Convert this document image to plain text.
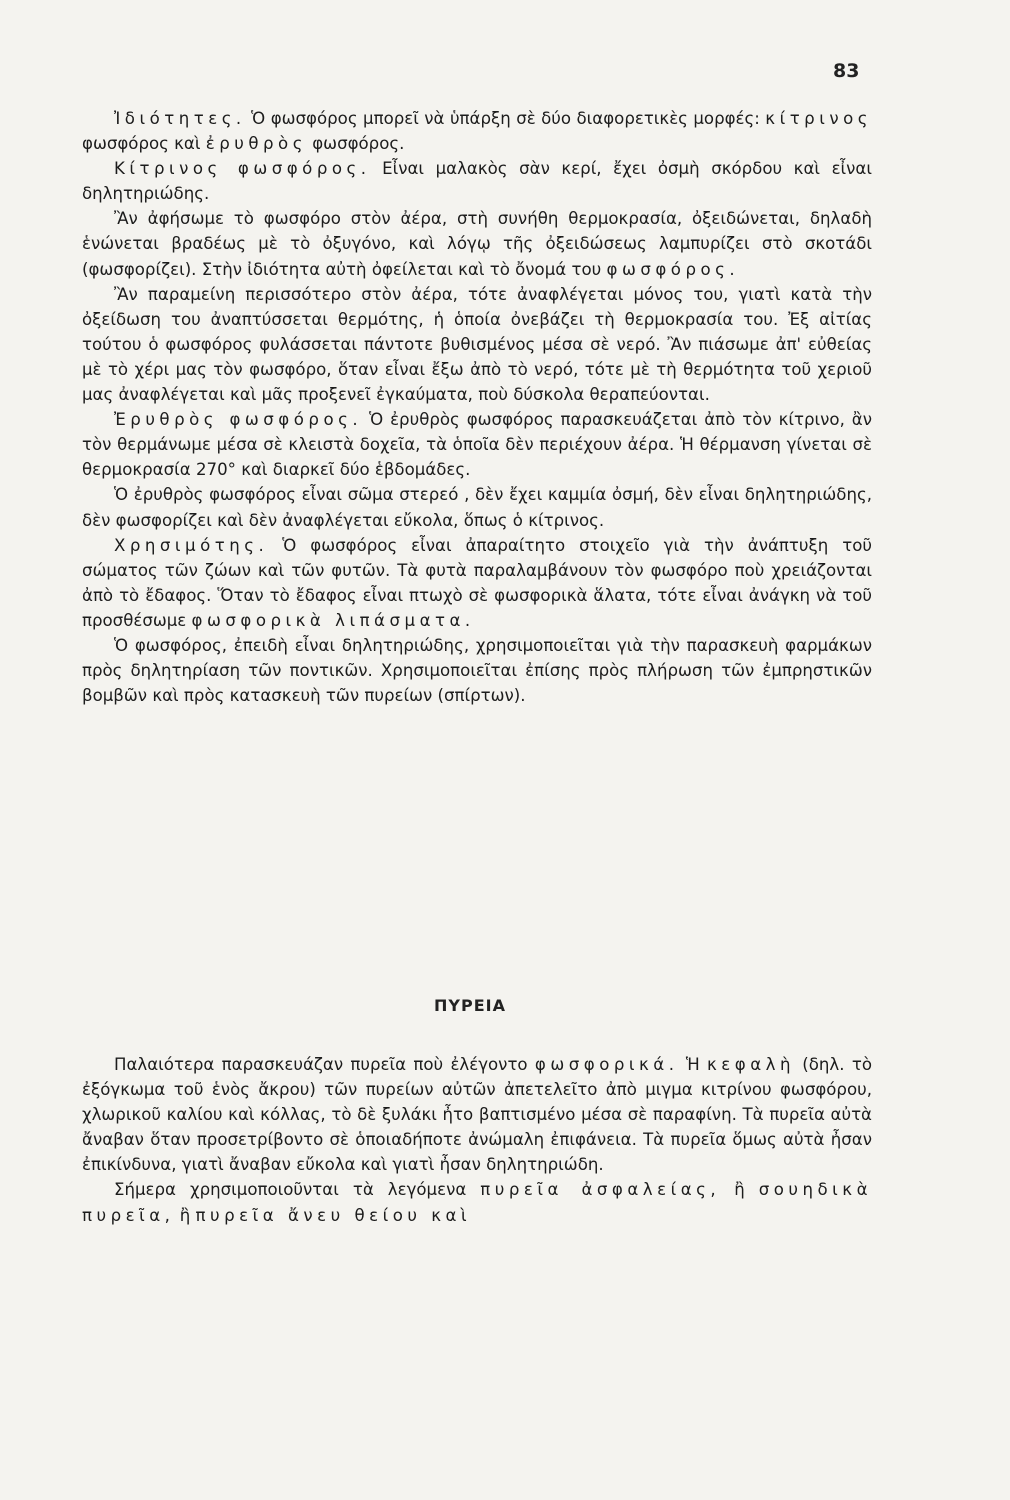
83

Ἰδιότητες. Ὁ φωσφόρος μπορεῖ νὰ ὑπάρξη σὲ δύο διαφορετικὲς μορφές: κίτρινος φωσφόρος καὶ ἐρυθρὸς φωσφόρος.

Κίτρινος φωσφόρος. Εἶναι μαλακὸς σὰν κερί, ἔχει ὀσμὴ σκόρδου καὶ εἶναι δηλητηριώδης.

Ἂν ἀφήσωμε τὸ φωσφόρο στὸν ἀέρα, στὴ συνήθη θερμοκρασία, ὀξειδώνεται, δηλαδὴ ἑνώνεται βραδέως μὲ τὸ ὀξυγόνο, καὶ λόγῳ τῆς ὀξειδώσεως λαμπυρίζει στὸ σκοτάδι (φωσφορίζει). Στὴν ἰδιότητα αὐτὴ ὀφείλεται καὶ τὸ ὄνομά του φωσφόρος.

Ἂν παραμείνη περισσότερο στὸν ἀέρα, τότε ἀναφλέγεται μόνος του, γιατὶ κατὰ τὴν ὀξείδωση του ἀναπτύσσεται θερμότης, ἡ ὁποία ὀνεβάζει τὴ θερμοκρασία του. Ἐξ αἰτίας τούτου ὁ φωσφόρος φυλάσσεται πάντοτε βυθισμένος μέσα σὲ νερό. Ἂν πιάσωμε ἀπ' εὐθείας μὲ τὸ χέρι μας τὸν φωσφόρο, ὅταν εἶναι ἔξω ἀπὸ τὸ νερό, τότε μὲ τὴ θερμότητα τοῦ χεριοῦ μας ἀναφλέγεται καὶ μᾶς προξενεῖ ἐγκαύματα, ποὺ δύσκολα θεραπεύονται.

Ἐρυθρὸς φωσφόρος. Ὁ ἐρυθρὸς φωσφόρος παρασκευάζεται ἀπὸ τὸν κίτρινο, ἂν τὸν θερμάνωμε μέσα σὲ κλειστὰ δοχεῖα, τὰ ὁποῖα δὲν περιέχουν ἀέρα. Ἡ θέρμανση γίνεται σὲ θερμοκρασία 270° καὶ διαρκεῖ δύο ἑβδομάδες.

Ὁ ἐρυθρὸς φωσφόρος εἶναι σῶμα στερεό , δὲν ἔχει καμμία ὀσμή, δὲν εἶναι δηλητηριώδης, δὲν φωσφορίζει καὶ δὲν ἀναφλέγεται εὔκολα, ὅπως ὁ κίτρινος.

Χρησιμότης. Ὁ φωσφόρος εἶναι ἀπαραίτητο στοιχεῖο γιὰ τὴν ἀνάπτυξη τοῦ σώματος τῶν ζώων καὶ τῶν φυτῶν. Τὰ φυτὰ παραλαμβάνουν τὸν φωσφόρο ποὺ χρειάζονται ἀπὸ τὸ ἔδαφος. Ὅταν τὸ ἔδαφος εἶναι πτωχὸ σὲ φωσφορικὰ ἅλατα, τότε εἶναι ἀνάγκη νὰ τοῦ προσθέσωμε φωσφορικὰ λιπάσματα.

Ὁ φωσφόρος, ἐπειδὴ εἶναι δηλητηριώδης, χρησιμοποιεῖται γιὰ τὴν παρασκευὴ φαρμάκων πρὸς δηλητηρίαση τῶν ποντικῶν. Χρησιμοποιεῖται ἐπίσης πρὸς πλήρωση τῶν ἐμπρηστικῶν βομβῶν καὶ πρὸς κατασκευὴ τῶν πυρείων (σπίρτων).

ΠΥΡΕΙΑ

Παλαιότερα παρασκευάζαν πυρεῖα ποὺ ἐλέγοντο φωσφορικά. Ἡ κεφαλὴ (δηλ. τὸ ἐξόγκωμα τοῦ ἑνὸς ἄκρου) τῶν πυρείων αὐτῶν ἀπετελεῖτο ἀπὸ μιγμα κιτρίνου φωσφόρου, χλωρικοῦ καλίου καὶ κόλλας, τὸ δὲ ξυλάκι ἦτο βαπτισμένο μέσα σὲ παραφίνη. Τὰ πυρεῖα αὐτὰ ἄναβαν ὅταν προσετρίβοντο σὲ ὁποιαδήποτε ἀνώμαλη ἐπιφάνεια. Τὰ πυρεῖα ὅμως αὐτὰ ἦσαν ἐπικίνδυνα, γιατὶ ἄναβαν εὔκολα καὶ γιατὶ ἦσαν δηλητηριώδη.

Σήμερα χρησιμοποιοῦνται τὰ λεγόμενα πυρεῖα ἀσφαλείας, ἢ σουηδικὰ πυρεῖα, ἢ πυρεῖα ἄνευ θείου καὶ
